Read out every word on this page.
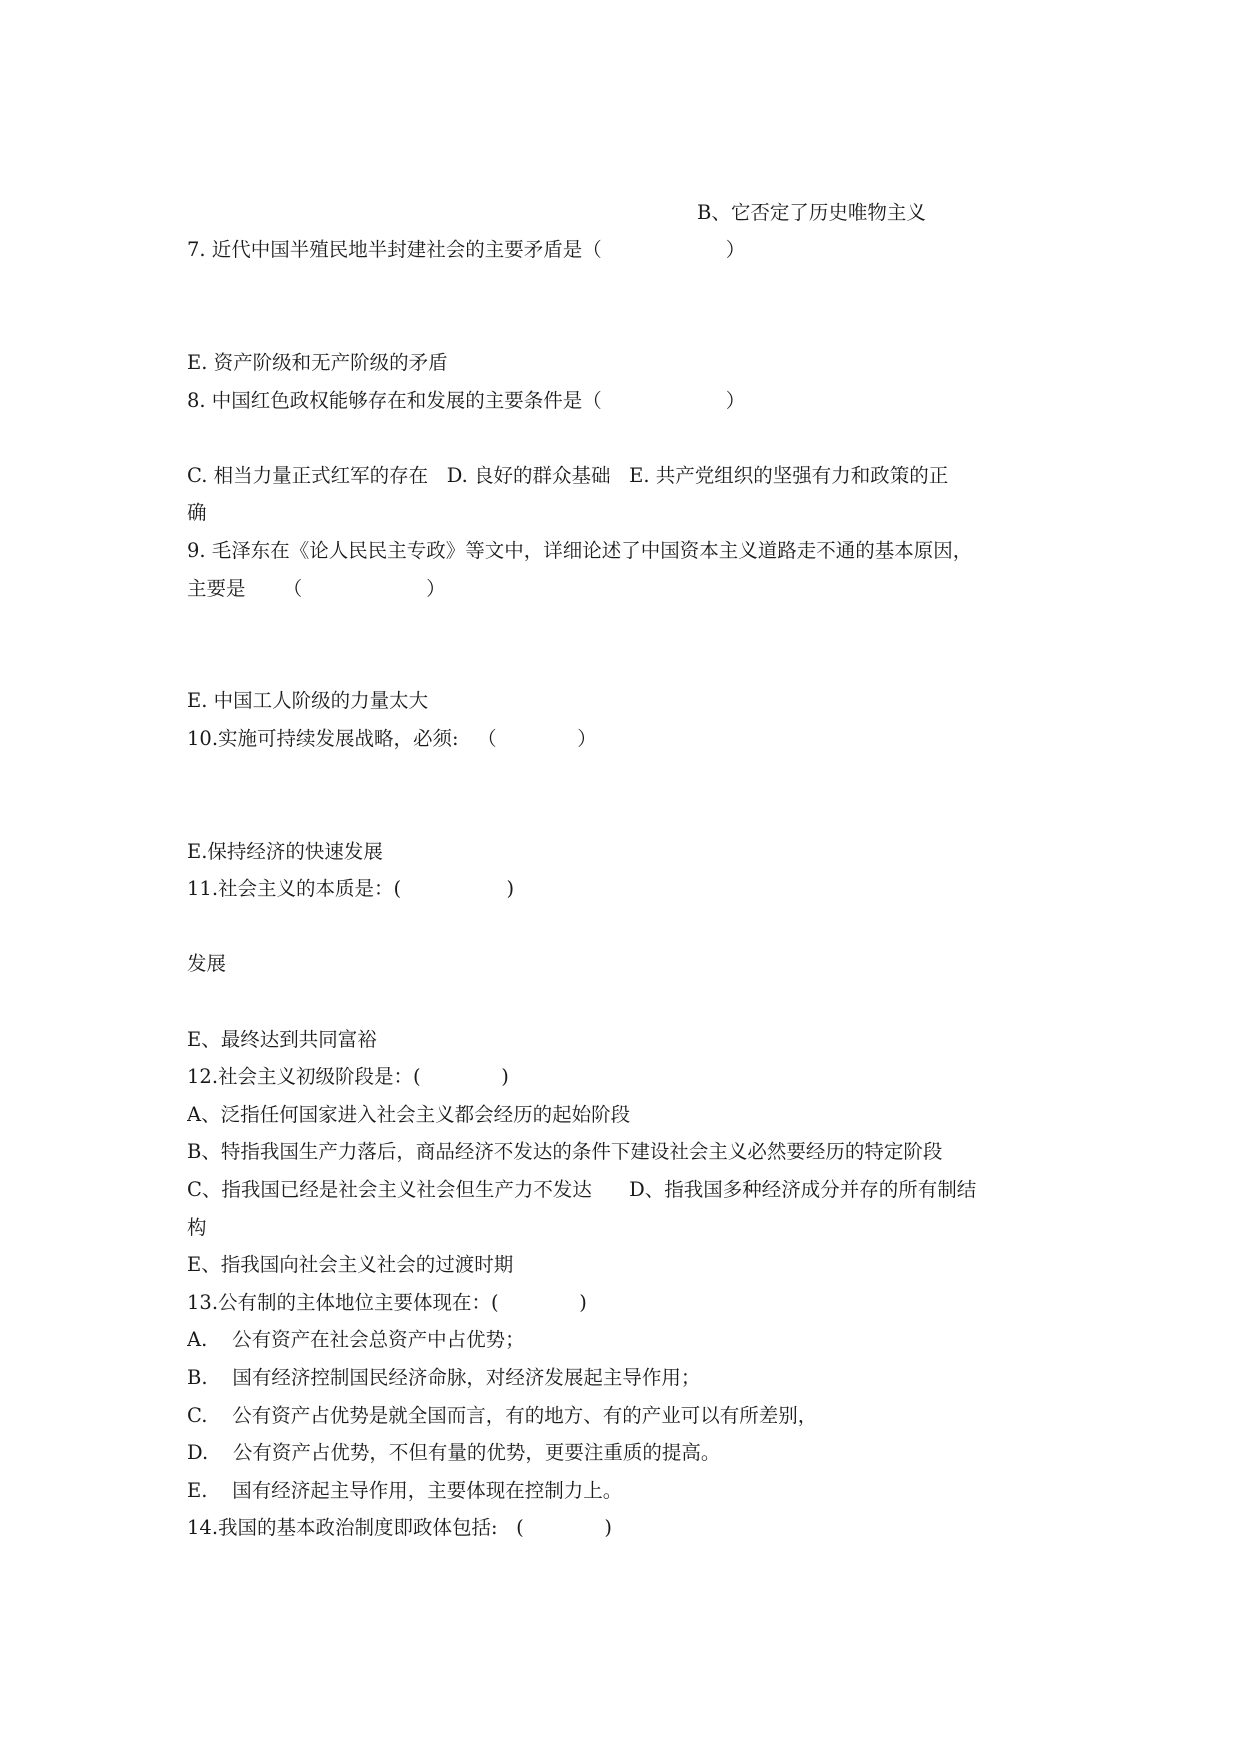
B、它否定了历史唯物主义

7. 近代中国半殖民地半封建社会的主要矛盾是（                    ）

E. 资产阶级和无产阶级的矛盾
8. 中国红色政权能够存在和发展的主要条件是（                    ）

C. 相当力量正式红军的存在   D. 良好的群众基础   E. 共产党组织的坚强有力和政策的正
确
9. 毛泽东在《论人民民主专政》等文中，详细论述了中国资本主义道路走不通的基本原因，
主要是      （                    ）

E. 中国工人阶级的力量太大
10.实施可持续发展战略，必须:   （             ）

E.保持经济的快速发展
11.社会主义的本质是：(                 )

发展

E、最终达到共同富裕
12.社会主义初级阶段是：(             )
A、泛指任何国家进入社会主义都会经历的起始阶段
B、特指我国生产力落后，商品经济不发达的条件下建设社会主义必然要经历的特定阶段
C、指我国已经是社会主义社会但生产力不发达      D、指我国多种经济成分并存的所有制结
构
E、指我国向社会主义社会的过渡时期
13.公有制的主体地位主要体现在：(             )
A.    公有资产在社会总资产中占优势；
B.    国有经济控制国民经济命脉，对经济发展起主导作用；
C.    公有资产占优势是就全国而言，有的地方、有的产业可以有所差别，
D.    公有资产占优势，不但有量的优势，更要注重质的提高。
E.    国有经济起主导作用，主要体现在控制力上。
14.我国的基本政治制度即政体包括:   (             )
